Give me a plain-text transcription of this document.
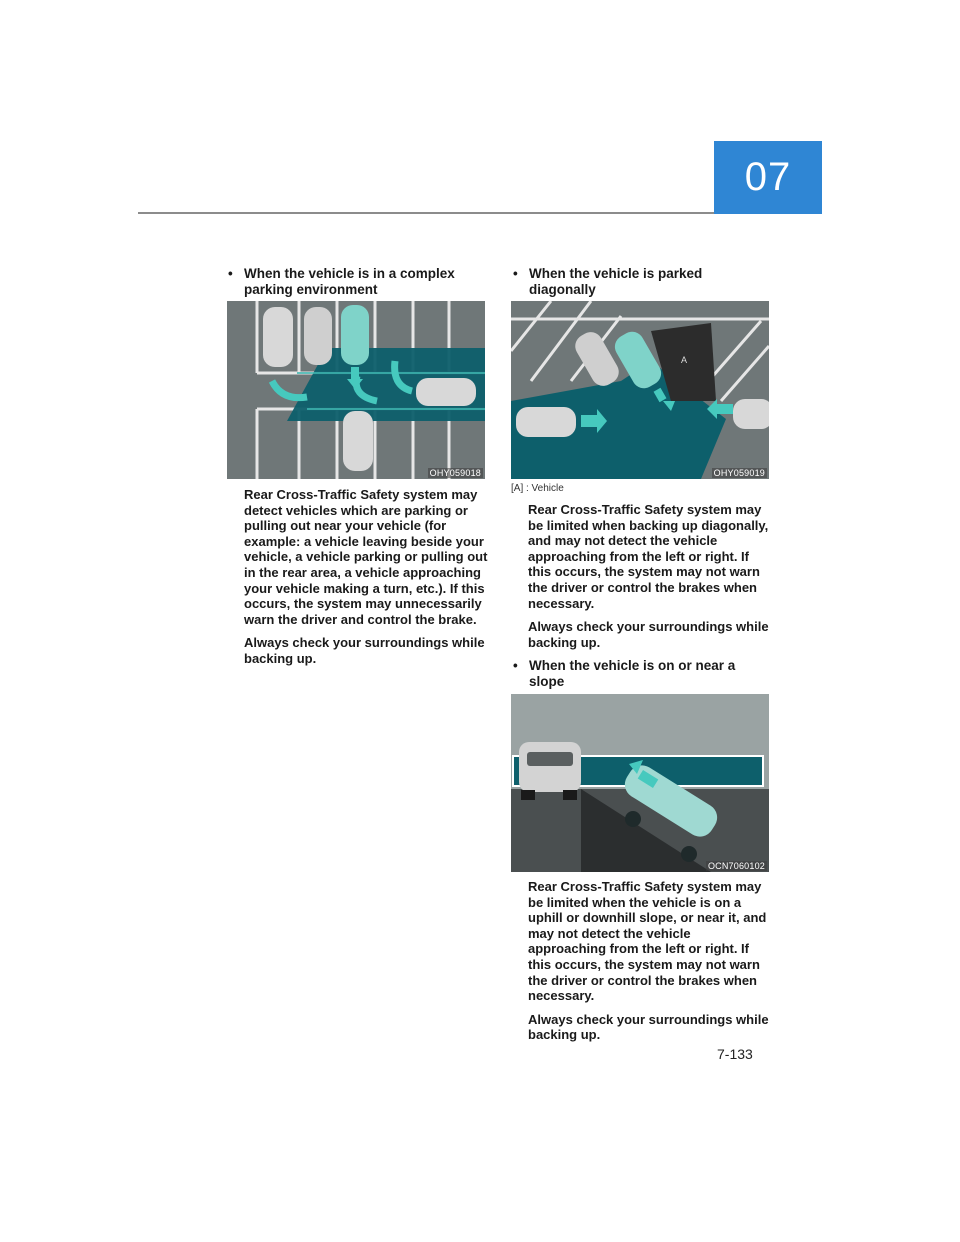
07
• When the vehicle is in a complex parking environment
OHY059018

Rear Cross-Traffic Safety system may detect vehicles which are parking or pulling out near your vehicle (for example: a vehicle leaving beside your vehicle, a vehicle parking or pulling out in the rear area, a vehicle approaching your vehicle making a turn, etc.). If this occurs, the system may unnecessarily warn the driver and control the brake.

Always check your surroundings while backing up.

• When the vehicle is parked diagonally
A
OHY059019
[A] : Vehicle

Rear Cross-Traffic Safety system may be limited when backing up diagonally, and may not detect the vehicle approaching from the left or right. If this occurs, the system may not warn the driver or control the brakes when necessary.

Always check your surroundings while backing up.

• When the vehicle is on or near a slope
OCN7060102

Rear Cross-Traffic Safety system may be limited when the vehicle is on a uphill or downhill slope, or near it, and may not detect the vehicle approaching from the left or right. If this occurs, the system may not warn the driver or control the brakes when necessary.

Always check your surroundings while backing up.

7-133
